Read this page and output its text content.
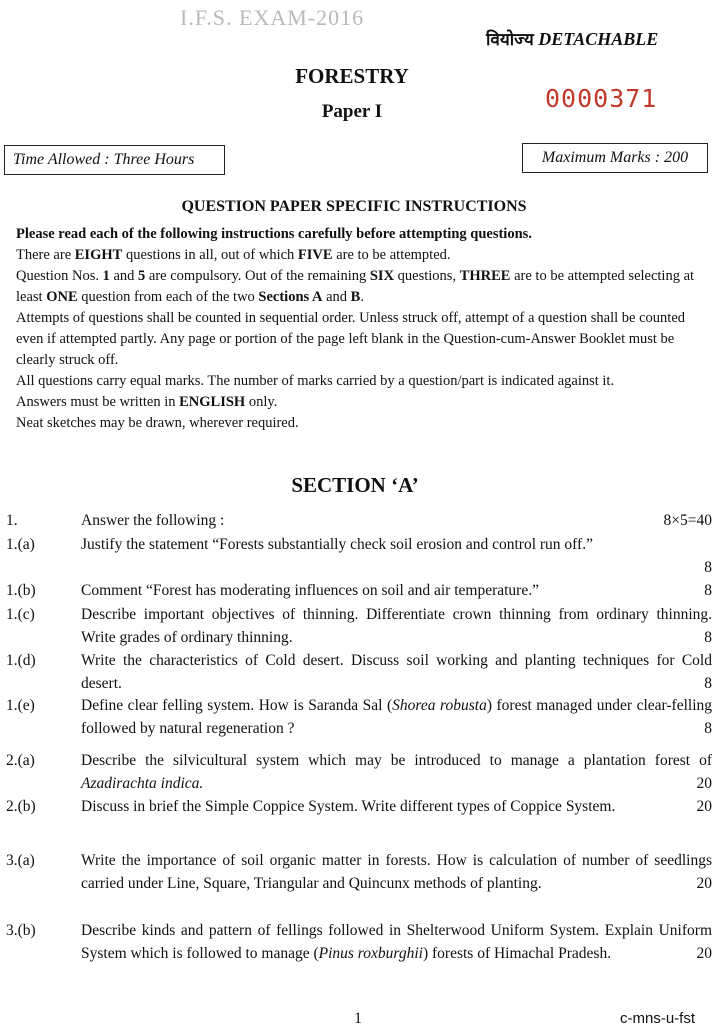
I.F.S. EXAM-2016
वियोज्य DETACHABLE
FORESTRY
Paper I	0000371
Time Allowed : Three Hours	Maximum Marks : 200
QUESTION PAPER SPECIFIC INSTRUCTIONS

Please read each of the following instructions carefully before attempting questions.

There are EIGHT questions in all, out of which FIVE are to be attempted.

Question Nos. 1 and 5 are compulsory. Out of the remaining SIX questions, THREE are to be attempted selecting at least ONE question from each of the two Sections A and B.

Attempts of questions shall be counted in sequential order. Unless struck off, attempt of a question shall be counted even if attempted partly. Any page or portion of the page left blank in the Question-cum-Answer Booklet must be clearly struck off.

All questions carry equal marks. The number of marks carried by a question/part is indicated against it.

Answers must be written in ENGLISH only.

Neat sketches may be drawn, wherever required.

SECTION ‘A’
1.	Answer the following :	8×5=40
1.(a)	Justify the statement “Forests substantially check soil erosion and control run off.”
8
1.(b)	Comment “Forest has moderating influences on soil and air temperature.”	8
1.(c)	Describe important objectives of thinning. Differentiate crown thinning from ordinary thinning. Write grades of ordinary thinning.	8
1.(d)	Write the characteristics of Cold desert. Discuss soil working and planting techniques for Cold desert.	8
1.(e)	Define clear felling system. How is Saranda Sal (Shorea robusta) forest managed under clear-felling followed by natural regeneration ?	8
2.(a)	Describe the silvicultural system which may be introduced to manage a plantation forest of Azadirachta indica.	20
2.(b)	Discuss in brief the Simple Coppice System. Write different types of Coppice System.	20
3.(a)	Write the importance of soil organic matter in forests. How is calculation of number of seedlings carried under Line, Square, Triangular and Quincunx methods of planting.	20
3.(b)	Describe kinds and pattern of fellings followed in Shelterwood Uniform System. Explain Uniform System which is followed to manage (Pinus roxburghii) forests of Himachal Pradesh.	20
1	c-mns-u-fst
